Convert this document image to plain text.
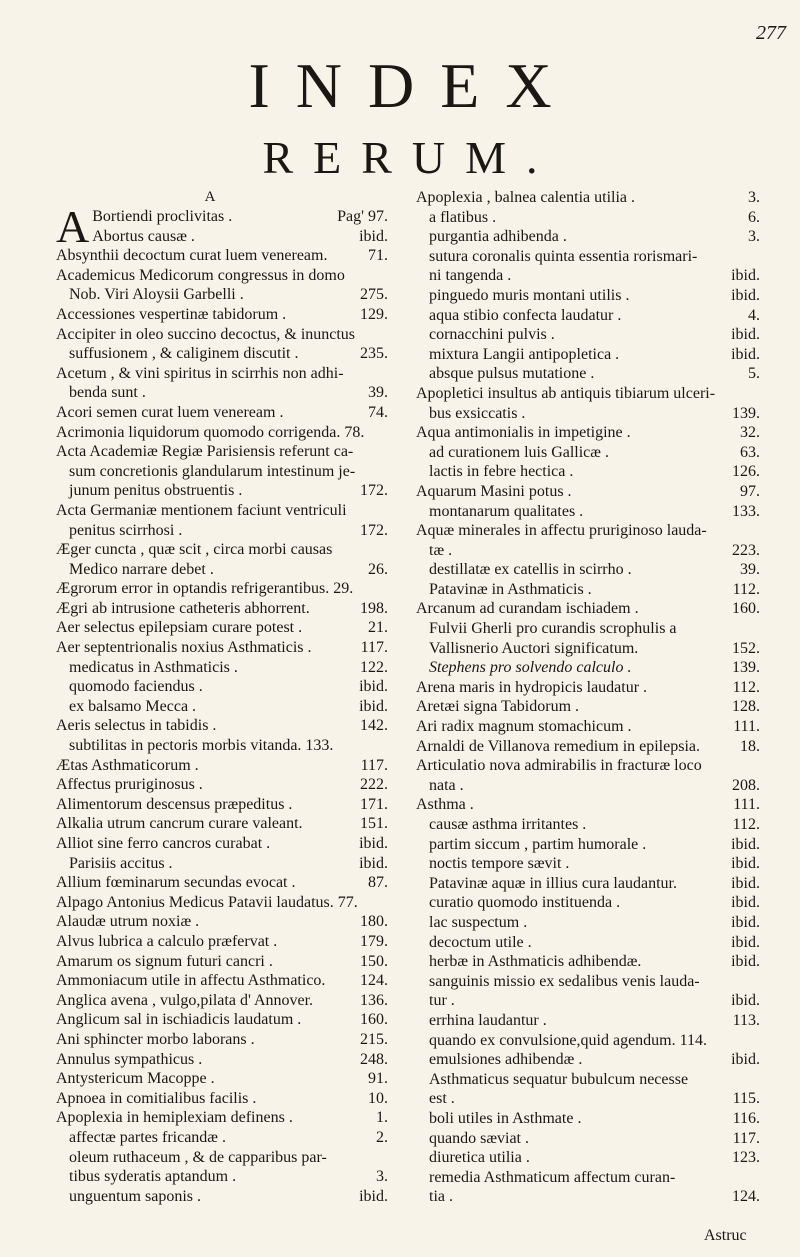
277
INDEX
RERUM.
A
A Bortiendi proclivitas .	Pag' 97.
Abortus causæ .	ibid.
Absynthii decoctum curat luem veneream.	71.
Academicus Medicorum congressus in domo
Nob. Viri Aloysii Garbelli .	275.
Accessiones vespertinæ tabidorum .	129.
Accipiter in oleo succino decoctus, & inunctus
suffusionem , & caliginem discutit .	235.
Acetum , & vini spiritus in scirrhis non adhi-
benda sunt .	39.
Acori semen curat luem veneream .	74.
Acrimonia liquidorum quomodo corrigenda. 78.
Acta Academiæ Regiæ Parisiensis referunt ca-
sum concretionis glandularum intestinum je-
junum penitus obstruentis .	172.
Acta Germaniæ mentionem faciunt ventriculi
penitus scirrhosi .	172.
Æger cuncta , quæ scit , circa morbi causas
Medico narrare debet .	26.
Ægrorum error in optandis refrigerantibus. 29.
Ægri ab intrusione catheteris abhorrent.	198.
Aer selectus epilepsiam curare potest .	21.
Aer septentrionalis noxius Asthmaticis .	117.
medicatus in Asthmaticis .	122.
quomodo faciendus .	ibid.
ex balsamo Mecca .	ibid.
Aeris selectus in tabidis .	142.
subtilitas in pectoris morbis vitanda. 133.
Ætas Asthmaticorum .	117.
Affectus pruriginosus .	222.
Alimentorum descensus præpeditus .	171.
Alkalia utrum cancrum curare valeant.	151.
Alliot sine ferro cancros curabat .	ibid.
Parisiis accitus .	ibid.
Allium fœminarum secundas evocat .	87.
Alpago Antonius Medicus Patavii laudatus. 77.
Alaudæ utrum noxiæ .	180.
Alvus lubrica a calculo præfervat .	179.
Amarum os signum futuri cancri .	150.
Ammoniacum utile in affectu Asthmatico. 124.
Anglica avena , vulgo,pilata d' Annover.	136.
Anglicum sal in ischiadicis laudatum .	160.
Ani sphincter morbo laborans .	215.
Annulus sympathicus .	248.
Antystericum Macoppe .	91.
Apnoea in comitialibus facilis .	10.
Apoplexia in hemiplexiam definens .	1.
affectæ partes fricandæ .	2.
oleum ruthaceum , & de capparibus par-
tibus syderatis aptandum .	3.
unguentum saponis .	ibid.
Apoplexia , balnea calentia utilia .	3.
a flatibus .	6.
purgantia adhibenda .	3.
sutura coronalis quinta essentia rorismari-
ni tangenda .	ibid.
pinguedo muris montani utilis .	ibid.
aqua stibio confecta laudatur .	4.
cornacchini pulvis .	ibid.
mixtura Langii antipopletica .	ibid.
absque pulsus mutatione .	5.
Apopletici insultus ab antiquis tibiarum ulceri-
bus exsiccatis .	139.
Aqua antimonialis in impetigine .	32.
ad curationem luis Gallicæ .	63.
lactis in febre hectica .	126.
Aquarum Masini potus .	97.
montanarum qualitates .	133.
Aquæ minerales in affectu pruriginoso lauda-
tæ .	223.
destillatæ ex catellis in scirrho .	39.
Patavinæ in Asthmaticis .	112.
Arcanum ad curandam ischiadem .	160.
Fulvii Gherli pro curandis scrophulis a
Vallisnerio Auctori significatum.	152.
Stephens pro solvendo calculo .	139.
Arena maris in hydropicis laudatur .	112.
Aretæi signa Tabidorum .	128.
Ari radix magnum stomachicum .	111.
Arnaldi de Villanova remedium in epilepsia.	18.
Articulatio nova admirabilis in fracturæ loco
nata .	208.
Asthma .	111.
causæ asthma irritantes .	112.
partim siccum , partim humorale .	ibid.
noctis tempore sævit .	ibid.
Patavinæ aquæ in illius cura laudantur.	ibid.
curatio quomodo instituenda .	ibid.
lac suspectum .	ibid.
decoctum utile .	ibid.
herbæ in Asthmaticis adhibendæ.	ibid.
sanguinis missio ex sedalibus venis lauda-
tur .	ibid.
errhina laudantur .	113.
quando ex convulsione,quid agendum. 114.
emulsiones adhibendæ .	ibid.
Asthmaticus sequatur bubulcum necesse
est .	115.
boli utiles in Asthmate .	116.
quando sæviat .	117.
diuretica utilia .	123.
remedia Asthmaticum affectum curan-
tia .	124.
Astruc
